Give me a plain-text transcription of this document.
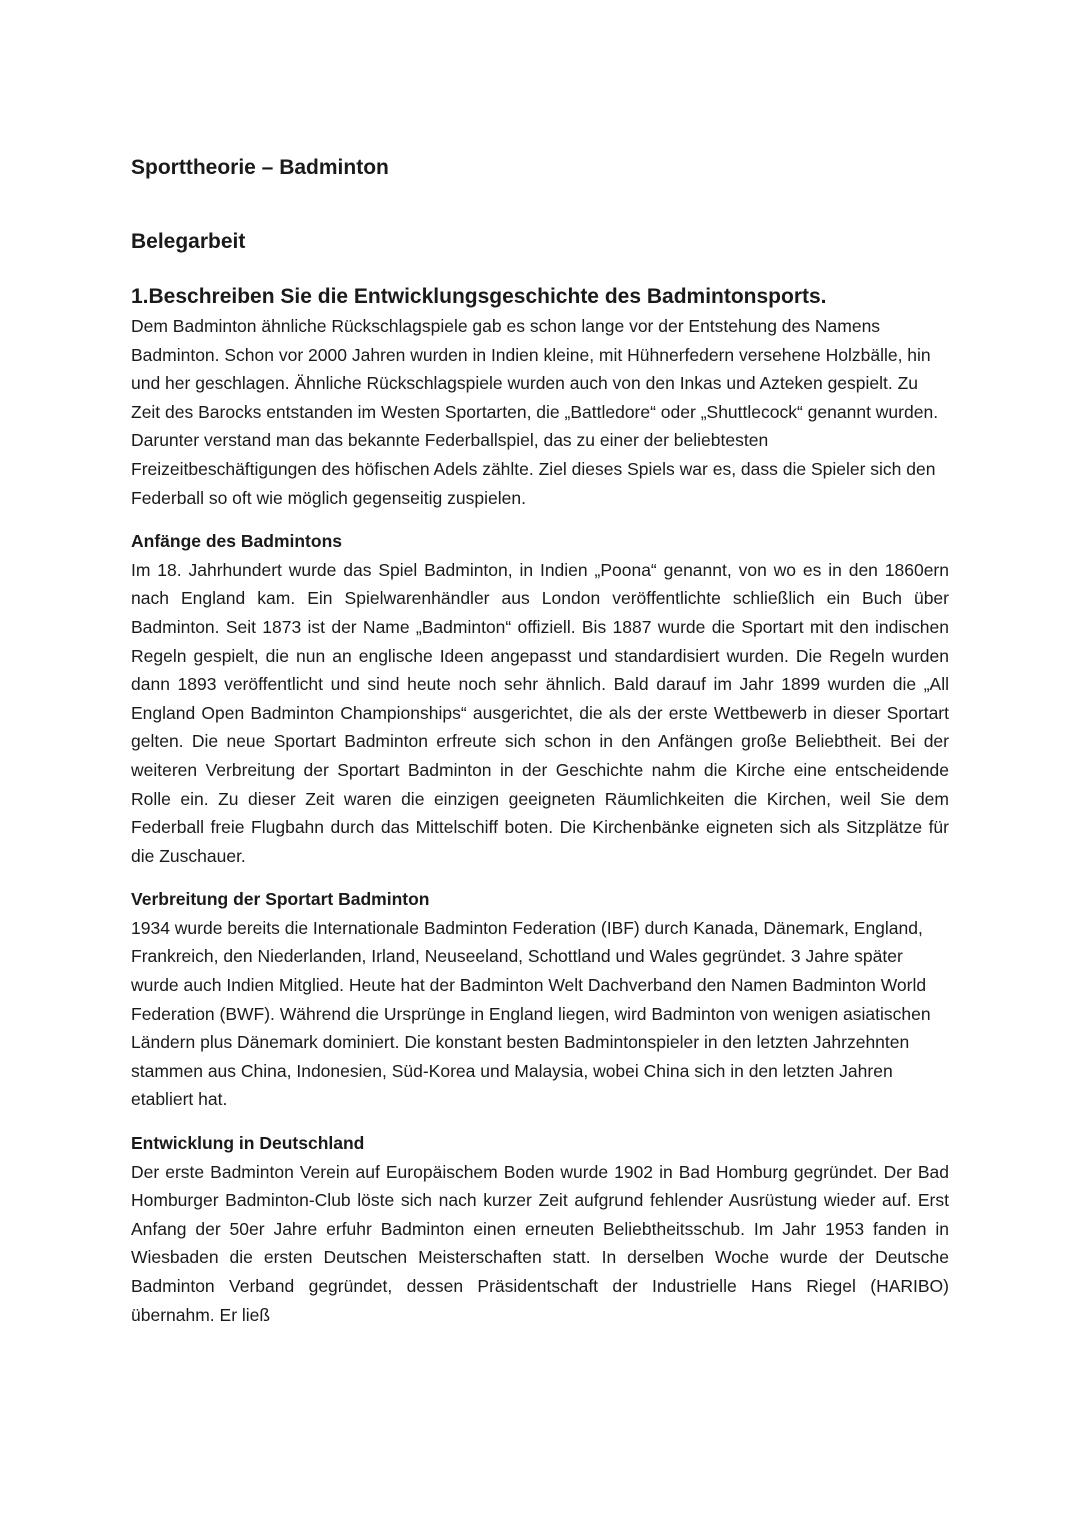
Sporttheorie – Badminton
Belegarbeit
1.Beschreiben Sie die Entwicklungsgeschichte des Badmintonsports.

Dem Badminton ähnliche Rückschlagspiele gab es schon lange vor der Entstehung des Namens Badminton. Schon vor 2000 Jahren wurden in Indien kleine, mit Hühnerfedern versehene Holzbälle, hin und her geschlagen. Ähnliche Rückschlagspiele wurden auch von den Inkas und Azteken gespielt. Zu Zeit des Barocks entstanden im Westen Sportarten, die „Battledore“ oder „Shuttlecock“ genannt wurden. Darunter verstand man das bekannte Federballspiel, das zu einer der beliebtesten Freizeitbeschäftigungen des höfischen Adels zählte. Ziel dieses Spiels war es, dass die Spieler sich den Federball so oft wie möglich gegenseitig zuspielen.

Anfänge des Badmintons

Im 18. Jahrhundert wurde das Spiel Badminton, in Indien „Poona“ genannt, von wo es in den 1860ern nach England kam. Ein Spielwarenhändler aus London veröffentlichte schließlich ein Buch über Badminton. Seit 1873 ist der Name „Badminton“ offiziell. Bis 1887 wurde die Sportart mit den indischen Regeln gespielt, die nun an englische Ideen angepasst und standardisiert wurden. Die Regeln wurden dann 1893 veröffentlicht und sind heute noch sehr ähnlich. Bald darauf im Jahr 1899 wurden die „All England Open Badminton Championships“ ausgerichtet, die als der erste Wettbewerb in dieser Sportart gelten. Die neue Sportart Badminton erfreute sich schon in den Anfängen große Beliebtheit. Bei der weiteren Verbreitung der Sportart Badminton in der Geschichte nahm die Kirche eine entscheidende Rolle ein. Zu dieser Zeit waren die einzigen geeigneten Räumlichkeiten die Kirchen, weil Sie dem Federball freie Flugbahn durch das Mittelschiff boten. Die Kirchenbänke eigneten sich als Sitzplätze für die Zuschauer.

Verbreitung der Sportart Badminton

1934 wurde bereits die Internationale Badminton Federation (IBF) durch Kanada, Dänemark, England, Frankreich, den Niederlanden, Irland, Neuseeland, Schottland und Wales gegründet. 3 Jahre später wurde auch Indien Mitglied. Heute hat der Badminton Welt Dachverband den Namen Badminton World Federation (BWF). Während die Ursprünge in England liegen, wird Badminton von wenigen asiatischen Ländern plus Dänemark dominiert. Die konstant besten Badmintonspieler in den letzten Jahrzehnten stammen aus China, Indonesien, Süd-Korea und Malaysia, wobei China sich in den letzten Jahren etabliert hat.

Entwicklung in Deutschland

Der erste Badminton Verein auf Europäischem Boden wurde 1902 in Bad Homburg gegründet. Der Bad Homburger Badminton-Club löste sich nach kurzer Zeit aufgrund fehlender Ausrüstung wieder auf. Erst Anfang der 50er Jahre erfuhr Badminton einen erneuten Beliebtheitsschub. Im Jahr 1953 fanden in Wiesbaden die ersten Deutschen Meisterschaften statt. In derselben Woche wurde der Deutsche Badminton Verband gegründet, dessen Präsidentschaft der Industrielle Hans Riegel (HARIBO) übernahm. Er ließ
